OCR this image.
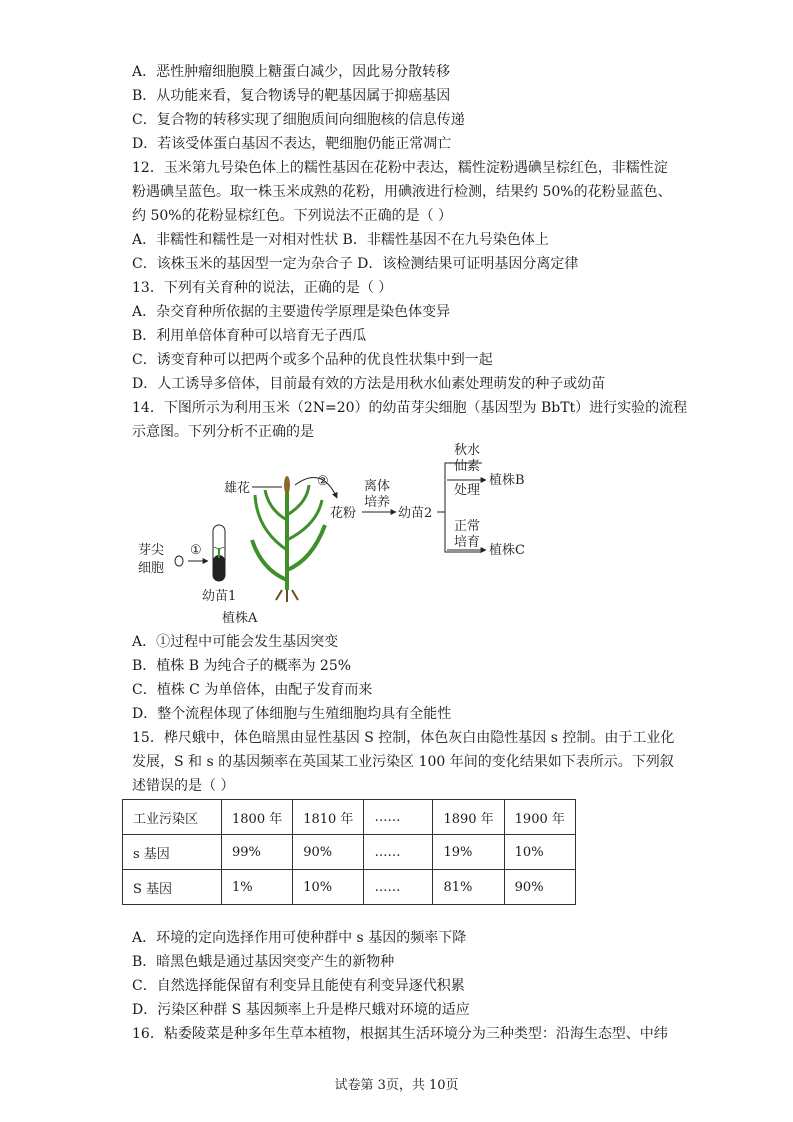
A．恶性肿瘤细胞膜上糖蛋白减少，因此易分散转移
B．从功能来看，复合物诱导的靶基因属于抑癌基因
C．复合物的转移实现了细胞质间向细胞核的信息传递
D．若该受体蛋白基因不表达，靶细胞仍能正常凋亡
12．玉米第九号染色体上的糯性基因在花粉中表达，糯性淀粉遇碘呈棕红色，非糯性淀
粉遇碘呈蓝色。取一株玉米成熟的花粉，用碘液进行检测，结果约 50%的花粉显蓝色、
约 50%的花粉显棕红色。下列说法不正确的是（ ）
A．非糯性和糯性是一对相对性状 B．非糯性基因不在九号染色体上
C．该株玉米的基因型一定为杂合子 D．该检测结果可证明基因分离定律
13．下列有关育种的说法，正确的是（ ）
A．杂交育种所依据的主要遗传学原理是染色体变异
B．利用单倍体育种可以培育无子西瓜
C．诱变育种可以把两个或多个品种的优良性状集中到一起
D．人工诱导多倍体，目前最有效的方法是用秋水仙素处理萌发的种子或幼苗
14．下图所示为利用玉米（2N=20）的幼苗芽尖细胞（基因型为 BbTt）进行实验的流程
示意图。下列分析不正确的是
芽尖
细胞
①
幼苗1
植株A
雄花	②
花粉
离体
培养
幼苗2
秋水
仙素
处理
植株B
正常
培育
植株C
A．①过程中可能会发生基因突变
B．植株 B 为纯合子的概率为 25%
C．植株 C 为单倍体，由配子发育而来
D．整个流程体现了体细胞与生殖细胞均具有全能性
15．桦尺蛾中，体色暗黑由显性基因 S 控制，体色灰白由隐性基因 s 控制。由于工业化
发展，S 和 s 的基因频率在英国某工业污染区 100 年间的变化结果如下表所示。下列叙
述错误的是（ ）
工业污染区	1800 年	1810 年	……	1890 年	1900 年
s 基因	99%	90%	……	19%	10%
S 基因	1%	10%	……	81%	90%
A．环境的定向选择作用可使种群中 s 基因的频率下降
B．暗黑色蛾是通过基因突变产生的新物种
C．自然选择能保留有利变异且能使有利变异逐代积累
D．污染区种群 S 基因频率上升是桦尺蛾对环境的适应
16．粘委陵菜是种多年生草本植物，根据其生活环境分为三种类型：沿海生态型、中纬
试卷第 3页，共 10页
